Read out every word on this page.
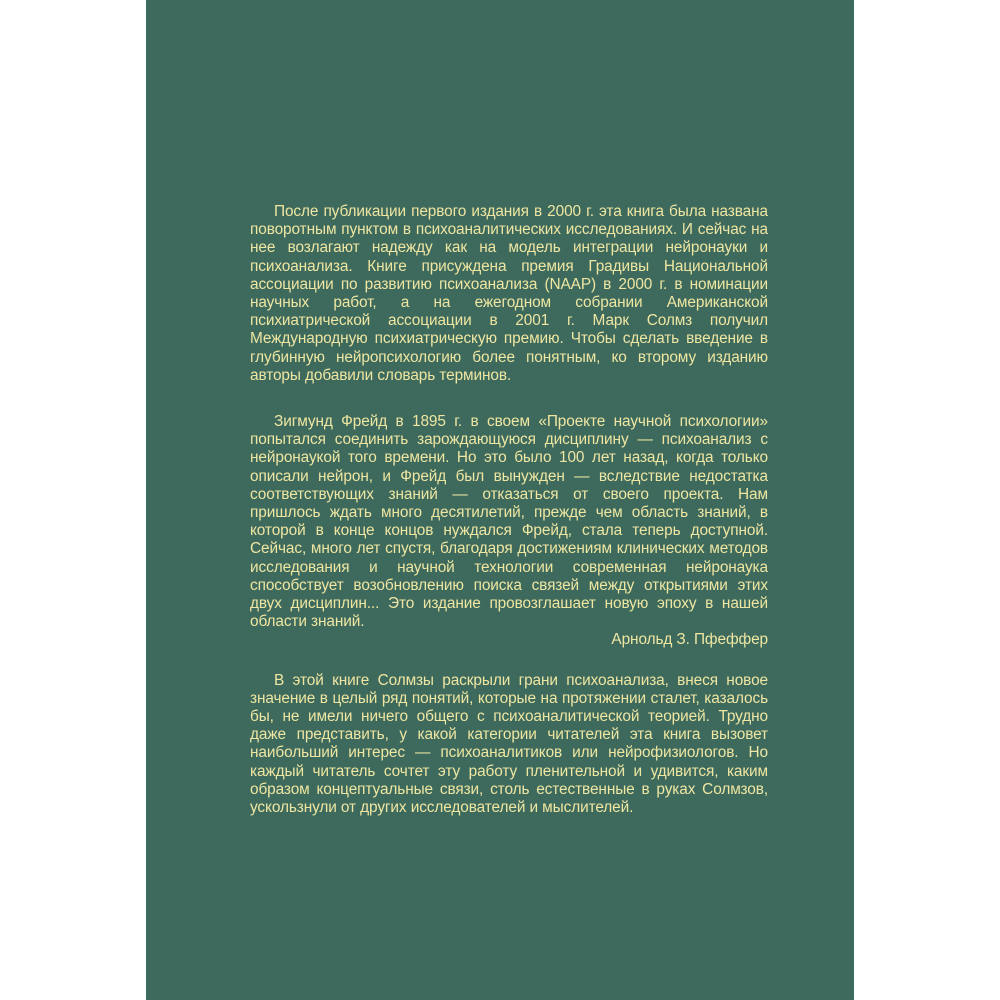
После публикации первого издания в 2000 г. эта книга была названа поворотным пунктом в психоаналитических исследованиях. И сейчас на нее возлагают надежду как на модель интеграции нейронауки и психоанализа. Книге присуждена премия Градивы Национальной ассоциации по развитию психоанализа (NAAP) в 2000 г. в номинации научных работ, а на ежегодном собрании Американской психиатрической ассоциации в 2001 г. Марк Солмз получил Международную психиатрическую премию. Чтобы сделать введение в глубинную нейропсихологию более понятным, ко второму изданию авторы добавили словарь терминов.

Зигмунд Фрейд в 1895 г. в своем «Проекте научной психологии» попытался соединить зарождающуюся дисциплину — психоанализ с нейронаукой того времени. Но это было 100 лет назад, когда только описали нейрон, и Фрейд был вынужден — вследствие недостатка соответствующих знаний — отказаться от своего проекта. Нам пришлось ждать много десятилетий, прежде чем область знаний, в которой в конце концов нуждался Фрейд, стала теперь доступной. Сейчас, много лет спустя, благодаря достижениям клинических методов исследования и научной технологии современная нейронаука способствует возобновлению поиска связей между открытиями этих двух дисциплин... Это издание провозглашает новую эпоху в нашей области знаний.

Арнольд З. Пфеффер

В этой книге Солмзы раскрыли грани психоанализа, внеся новое значение в целый ряд понятий, которые на протяжении сталет, казалось бы, не имели ничего общего с психоаналитической теорией. Трудно даже представить, у какой категории читателей эта книга вызовет наибольший интерес — психоаналитиков или нейрофизиологов. Но каждый читатель сочтет эту работу пленительной и удивится, каким образом концептуальные связи, столь естественные в руках Солмзов, ускользнули от других исследователей и мыслителей.
